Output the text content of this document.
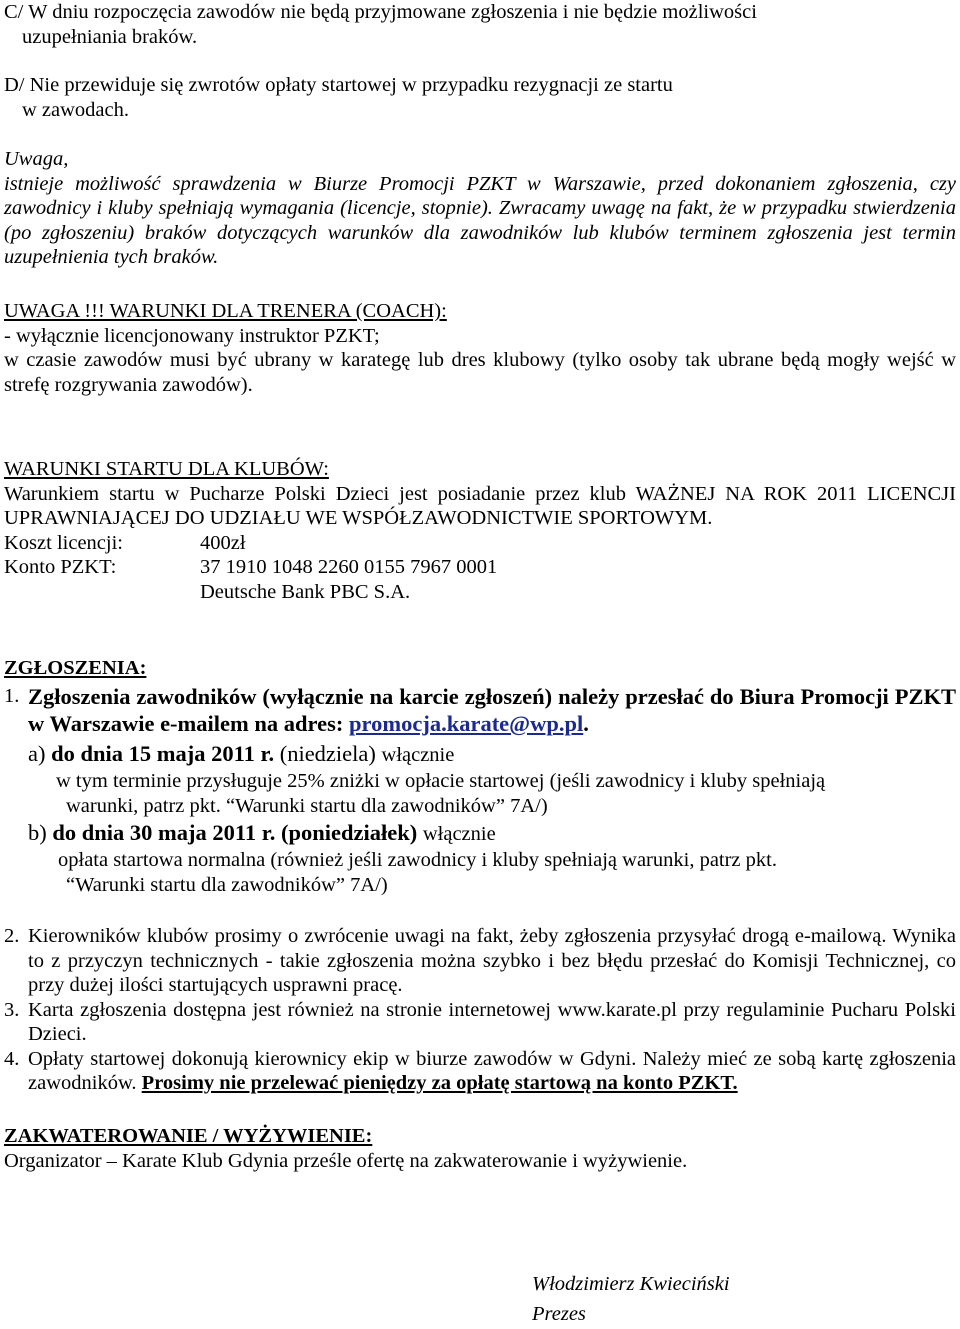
C/ W dniu rozpoczęcia zawodów nie będą przyjmowane zgłoszenia i nie będzie możliwości
uzupełniania braków.
D/ Nie przewiduje się zwrotów opłaty startowej w przypadku rezygnacji ze startu
w zawodach.
Uwaga,
istnieje możliwość sprawdzenia w Biurze Promocji PZKT w Warszawie, przed dokonaniem zgłoszenia, czy zawodnicy i kluby spełniają wymagania (licencje, stopnie). Zwracamy uwagę na fakt, że w przypadku stwierdzenia (po zgłoszeniu) braków dotyczących warunków dla zawodników lub klubów terminem zgłoszenia jest termin uzupełnienia tych braków.
UWAGA !!! WARUNKI DLA TRENERA (COACH):
- wyłącznie licencjonowany instruktor PZKT;
w czasie zawodów musi być ubrany w karategę lub dres klubowy (tylko osoby tak ubrane będą mogły wejść w strefę rozgrywania zawodów).
WARUNKI STARTU DLA KLUBÓW:
Warunkiem startu w Pucharze Polski Dzieci jest posiadanie przez klub WAŻNEJ NA ROK 2011 LICENCJI UPRAWNIAJĄCEJ DO UDZIAŁU WE WSPÓŁZAWODNICTWIE SPORTOWYM.
Koszt licencji:	400zł
Konto PZKT:	37 1910 1048 2260 0155 7967 0001
Deutsche Bank PBC S.A.
ZGŁOSZENIA:
1. Zgłoszenia zawodników (wyłącznie na karcie zgłoszeń) należy przesłać do Biura Promocji PZKT w Warszawie e-mailem na adres: promocja.karate@wp.pl.
a) do dnia 15 maja 2011 r. (niedziela) włącznie
w tym terminie przysługuje 25% zniżki w opłacie startowej (jeśli zawodnicy i kluby spełniają
warunki, patrz pkt. “Warunki startu dla zawodników” 7A/)
b) do dnia 30 maja 2011 r. (poniedziałek) włącznie
opłata startowa normalna (również jeśli zawodnicy i kluby spełniają warunki, patrz pkt.
“Warunki startu dla zawodników” 7A/)
2. Kierowników klubów prosimy o zwrócenie uwagi na fakt, żeby zgłoszenia przysyłać drogą e-mailową. Wynika to z przyczyn technicznych - takie zgłoszenia można szybko i bez błędu przesłać do Komisji Technicznej, co przy dużej ilości startujących usprawni pracę.
3. Karta zgłoszenia dostępna jest również na stronie internetowej www.karate.pl przy regulaminie Pucharu Polski Dzieci.
4. Opłaty startowej dokonują kierownicy ekip w biurze zawodów w Gdyni. Należy mieć ze sobą kartę zgłoszenia zawodników. Prosimy nie przelewać pieniędzy za opłatę startową na konto PZKT.
ZAKWATEROWANIE / WYŻYWIENIE:
Organizator – Karate Klub Gdynia prześle ofertę na zakwaterowanie i wyżywienie.
Włodzimierz Kwieciński
Prezes
